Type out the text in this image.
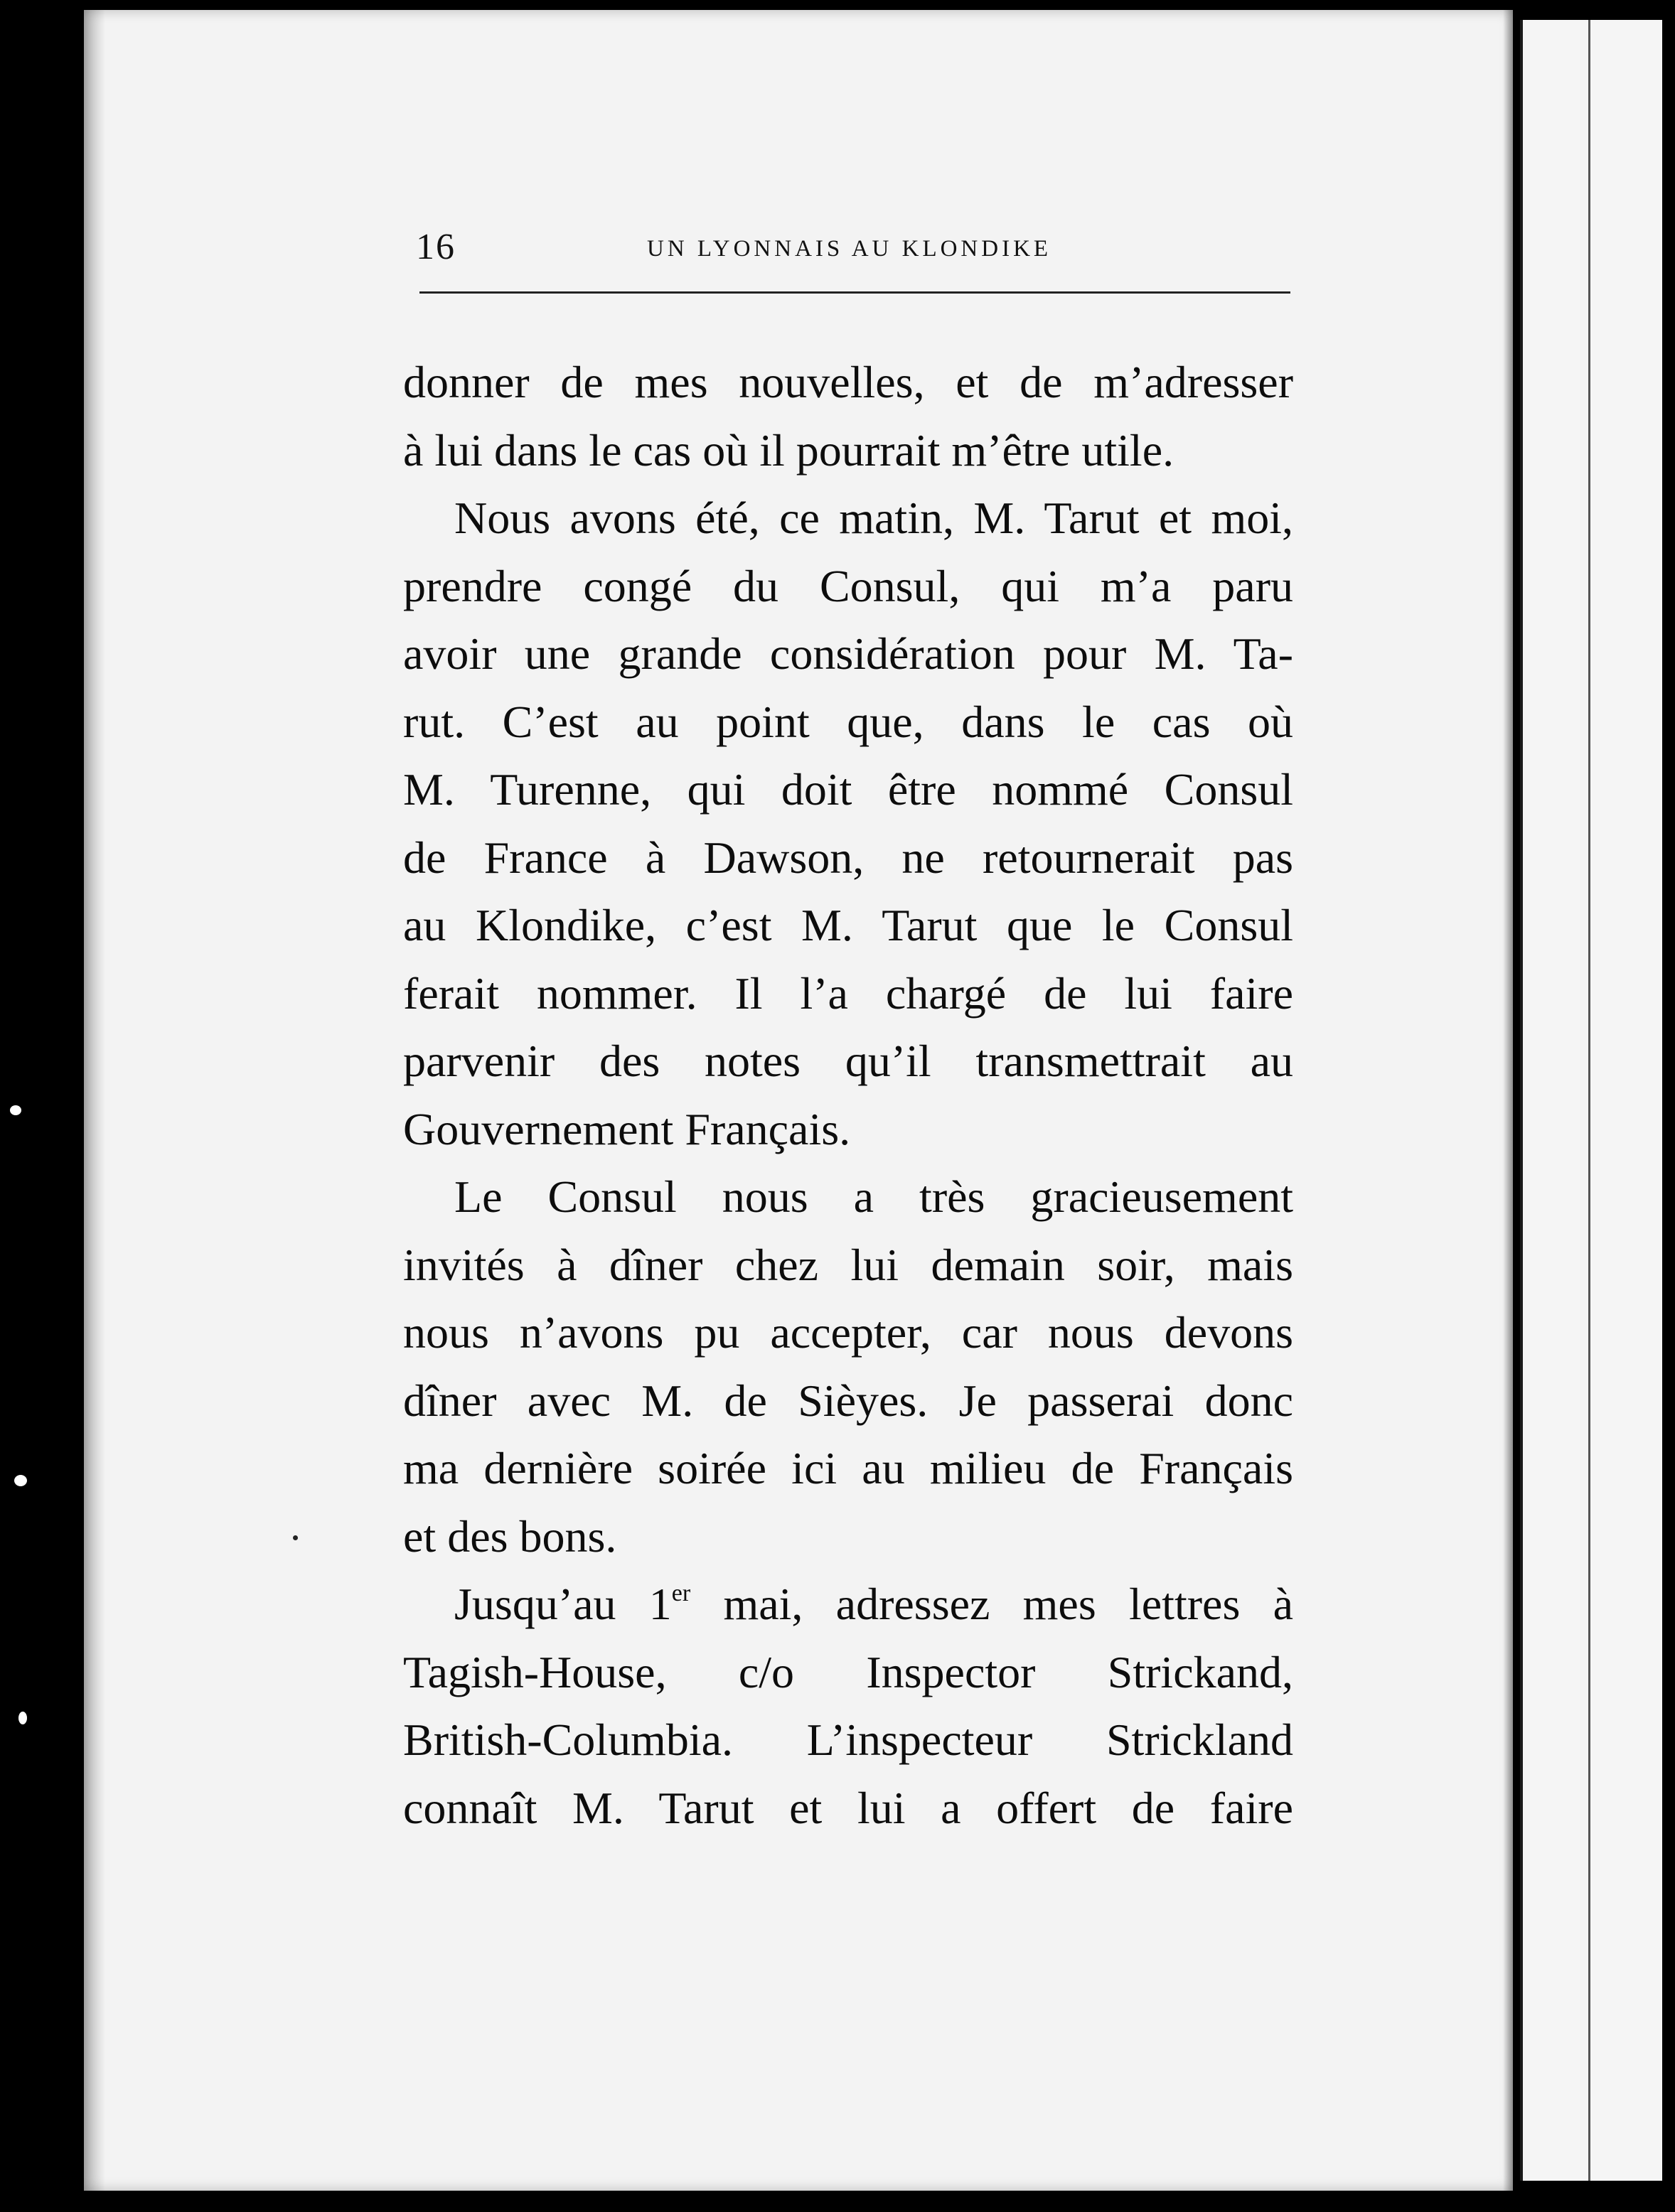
16	UN LYONNAIS AU KLONDIKE
donner de mes nouvelles, et de m’adresser
à lui dans le cas où il pourrait m’être utile.
Nous avons été, ce matin, M. Tarut et moi,
prendre congé du Consul, qui m’a paru
avoir une grande considération pour M. Ta-
rut. C’est au point que, dans le cas où
M. Turenne, qui doit être nommé Consul
de France à Dawson, ne retournerait pas
au Klondike, c’est M. Tarut que le Consul
ferait nommer. Il l’a chargé de lui faire
parvenir des notes qu’il transmettrait au
Gouvernement Français.
Le Consul nous a très gracieusement
invités à dîner chez lui demain soir, mais
nous n’avons pu accepter, car nous devons
dîner avec M. de Sièyes. Je passerai donc
ma dernière soirée ici au milieu de Français
et des bons.
Jusqu’au 1er mai, adressez mes lettres à
Tagish-House, c/o Inspector Strickand,
British-Columbia. L’inspecteur Strickland
connaît M. Tarut et lui a offert de faire
